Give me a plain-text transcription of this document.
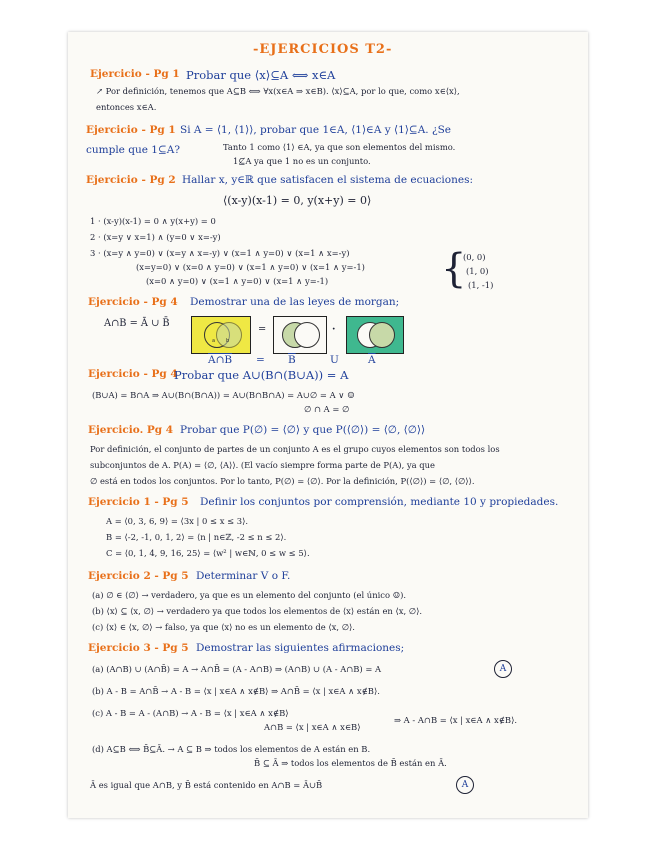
-EJERCICIOS T2-
Ejercicio - Pg 1 Probar que ⟨x⟩⊆A ⟺ x∈A
↗ Por definición, tenemos que A⊆B ⟺ ∀x(x∈A ⇒ x∈B). ⟨x⟩⊆A, por lo que, como x∈⟨x⟩,
entonces x∈A.
Ejercicio - Pg 1 Si A = ⟨1, ⟨1⟩⟩, probar que 1∈A, ⟨1⟩∈A y ⟨1⟩⊆A. ¿Se
cumple que 1⊆A?	Tanto 1 como ⟨1⟩ ∈A, ya que son elementos del mismo.
1⊈A ya que 1 no es un conjunto.
Ejercicio - Pg 2 Hallar x, y∈ℝ que satisfacen el sistema de ecuaciones:
⟨(x-y)(x-1) = 0, y(x+y) = 0⟩
1 · (x-y)(x-1) = 0 ∧ y(x+y) = 0
2 · (x=y ∨ x=1) ∧ (y=0 ∨ x=-y)
3 · (x=y ∧ y=0) ∨ (x=y ∧ x=-y) ∨ (x=1 ∧ y=0) ∨ (x=1 ∧ x=-y)
(x=y=0) ∨ (x=0 ∧ y=0) ∨ (x=1 ∧ y=0) ∨ (x=1 ∧ y=-1)
(x=0 ∧ y=0) ∨ (x=1 ∧ y=0) ∨ (x=1 ∧ y=-1)	{
(0, 0)
(1, 0)
(1, -1)
Ejercicio - Pg 4 Demostrar una de las leyes de morgan;
A∩B = Ā ∪ B̄
a b
=	·
A∩B = $\overline{B}$	U	$\overline{A}$
Ejercicio - Pg 4
Probar que A∪(B∩(B∪A)) = A
(B∪A) = B∩A ⇒ A∪(B∩(B∩A)) = A∪(B∩B∩A) = A∪∅ = A ∨ ☺
∅ ∩ A = ∅
Ejercicio. Pg 4 Probar que P(∅) = ⟨∅⟩ y que P(⟨∅⟩) = ⟨∅, ⟨∅⟩⟩
Por definición, el conjunto de partes de un conjunto A es el grupo cuyos elementos son todos los
subconjuntos de A. P(A) = ⟨∅, ⟨A⟩⟩. (El vacío siempre forma parte de P(A), ya que
∅ está en todos los conjuntos. Por lo tanto, P(∅) = ⟨∅⟩. Por la definición, P(⟨∅⟩) = ⟨∅, ⟨∅⟩⟩.
Ejercicio 1 - Pg 5 Definir los conjuntos por comprensión, mediante 10 y propiedades.
A = ⟨0, 3, 6, 9⟩ = ⟨3x | 0 ≤ x ≤ 3⟩.
B = ⟨-2, -1, 0, 1, 2⟩ = ⟨n | n∈ℤ, -2 ≤ n ≤ 2⟩.
C = ⟨0, 1, 4, 9, 16, 25⟩ = ⟨w² | w∈ℕ, 0 ≤ w ≤ 5⟩.
Ejercicio 2 - Pg 5 Determinar V o F.
(a) ∅ ∈ ⟨∅⟩ → verdadero, ya que es un elemento del conjunto (el único ☺).
(b) ⟨x⟩ ⊆ ⟨x, ∅⟩ → verdadero ya que todos los elementos de ⟨x⟩ están en ⟨x, ∅⟩.
(c) ⟨x⟩ ∈ ⟨x, ∅⟩ → falso, ya que ⟨x⟩ no es un elemento de ⟨x, ∅⟩.
Ejercicio 3 - Pg 5 Demostrar las siguientes afirmaciones;
(a) (A∩B) ∪ (A∩B̄) = A → A∩B̄ = (A - A∩B) ⇒ (A∩B) ∪ (A - A∩B) = A	A
(b) A - B = A∩B̄ → A - B = ⟨x | x∈A ∧ x∉B⟩ ⇒ A∩B̄ = ⟨x | x∈A ∧ x∉B⟩.
(c) A - B = A - (A∩B) → A - B = ⟨x | x∈A ∧ x∉B⟩
A∩B = ⟨x | x∈A ∧ x∈B⟩
⇒ A - A∩B = ⟨x | x∈A ∧ x∉B⟩.
(d) A⊆B ⟺ B̄⊆Ā. → A ⊆ B ⇒ todos los elementos de A están en B.
B̄ ⊆ Ā ⇒ todos los elementos de B̄ están en Ā.
Ā es igual que A∩B, y B̄ está contenido en A∩B = Ā∪B̄	A
